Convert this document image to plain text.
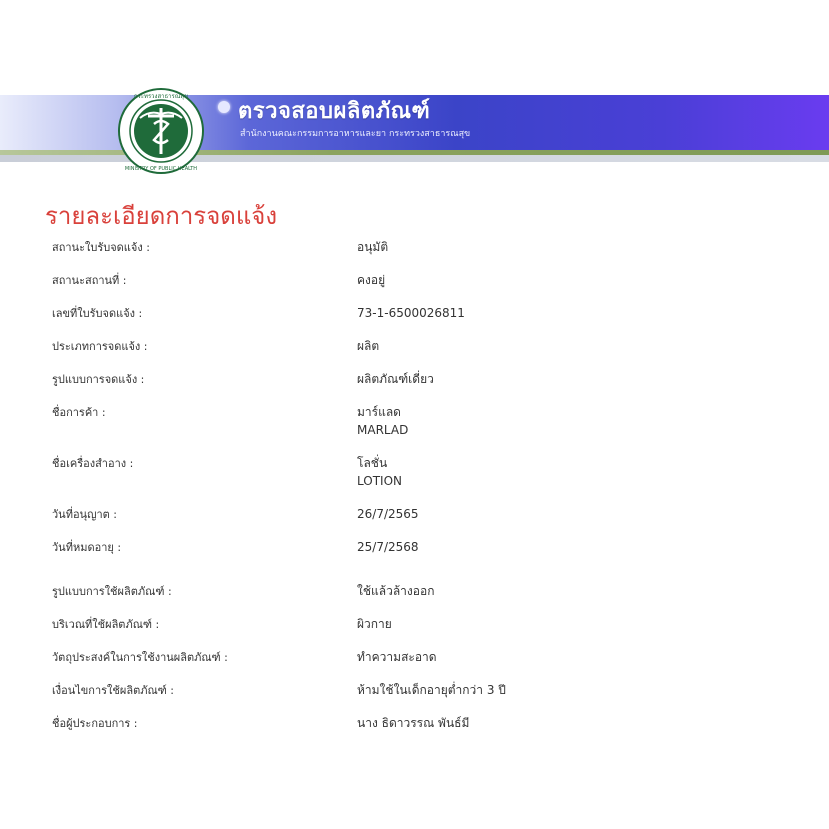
กระทรวงสาธารณสุข
MINISTRY OF PUBLIC HEALTH
ตรวจสอบผลิตภัณฑ์
สำนักงานคณะกรรมการอาหารและยา กระทรวงสาธารณสุข
รายละเอียดการจดแจ้ง
สถานะใบรับจดแจ้ง :	อนุมัติ
สถานะสถานที่ :	คงอยู่
เลขที่ใบรับจดแจ้ง :	73-1-6500026811
ประเภทการจดแจ้ง :	ผลิต
รูปแบบการจดแจ้ง :	ผลิตภัณฑ์เดี่ยว
ชื่อการค้า :	มาร์แลด
MARLAD
ชื่อเครื่องสำอาง :	โลชั่น
LOTION
วันที่อนุญาต :	26/7/2565
วันที่หมดอายุ :	25/7/2568
รูปแบบการใช้ผลิตภัณฑ์ :	ใช้แล้วล้างออก
บริเวณที่ใช้ผลิตภัณฑ์ :	ผิวกาย
วัตถุประสงค์ในการใช้งานผลิตภัณฑ์ :	ทำความสะอาด
เงื่อนไขการใช้ผลิตภัณฑ์ :	ห้ามใช้ในเด็กอายุต่ำกว่า 3 ปี
ชื่อผู้ประกอบการ :	นาง ธิดาวรรณ พันธ์มี
